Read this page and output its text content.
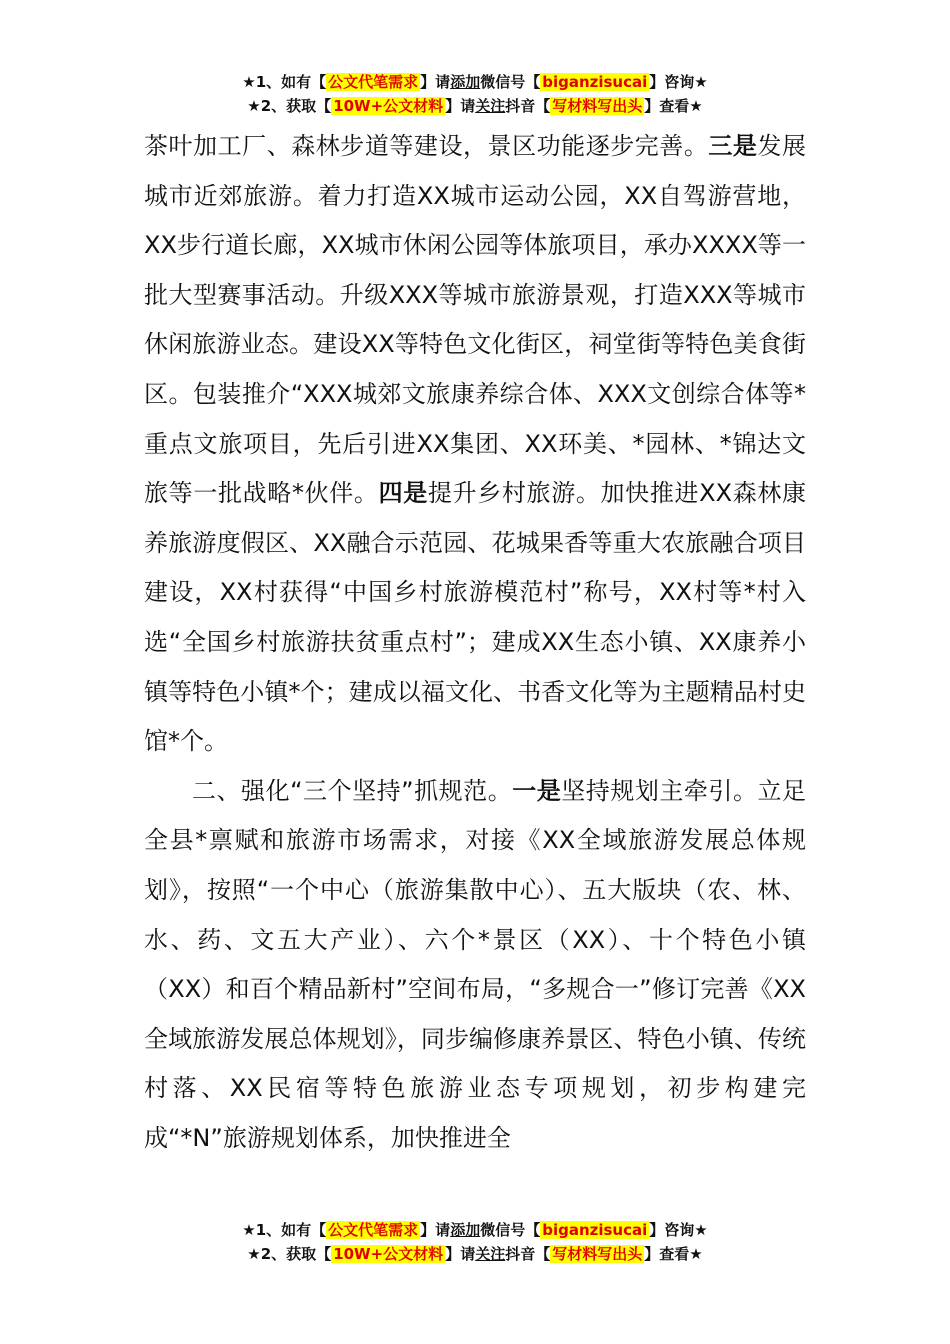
★1、如有【 公文代笔需求 】请添加微信号【 biganzisucai 】咨询★
★2、获取【 10W+公文材料 】请关注抖音【 写材料写出头 】查看★

茶叶加工厂、森林步道等建设，景区功能逐步完善。三是发展城市近郊旅游。着力打造XX城市运动公园，XX自驾游营地，XX步行道长廊，XX城市休闲公园等体旅项目，承办XXXX等一批大型赛事活动。升级XXX等城市旅游景观，打造XXX等城市休闲旅游业态。建设XX等特色文化街区，祠堂街等特色美食街区。包装推介“XXX城郊文旅康养综合体、XXX文创综合体等*重点文旅项目，先后引进XX集团、XX环美、*园林、*锦达文旅等一批战略*伙伴。四是提升乡村旅游。加快推进XX森林康养旅游度假区、XX融合示范园、花城果香等重大农旅融合项目建设，XX村获得“中国乡村旅游模范村”称号，XX村等*村入选“全国乡村旅游扶贫重点村”；建成XX生态小镇、XX康养小镇等特色小镇*个；建成以福文化、书香文化等为主题精品村史馆*个。

二、强化“三个坚持”抓规范。一是坚持规划主牵引。立足全县*禀赋和旅游市场需求，对接《XX全域旅游发展总体规划》，按照“一个中心（旅游集散中心）、五大版块（农、林、水、药、文五大产业）、六个*景区（XX）、十个特色小镇（XX）和百个精品新村”空间布局，“多规合一”修订完善《XX全域旅游发展总体规划》，同步编修康养景区、特色小镇、传统村落、XX民宿等特色旅游业态专项规划，初步构建完成“*N”旅游规划体系，加快推进全

★1、如有【 公文代笔需求 】请添加微信号【 biganzisucai 】咨询★
★2、获取【 10W+公文材料 】请关注抖音【 写材料写出头 】查看★
